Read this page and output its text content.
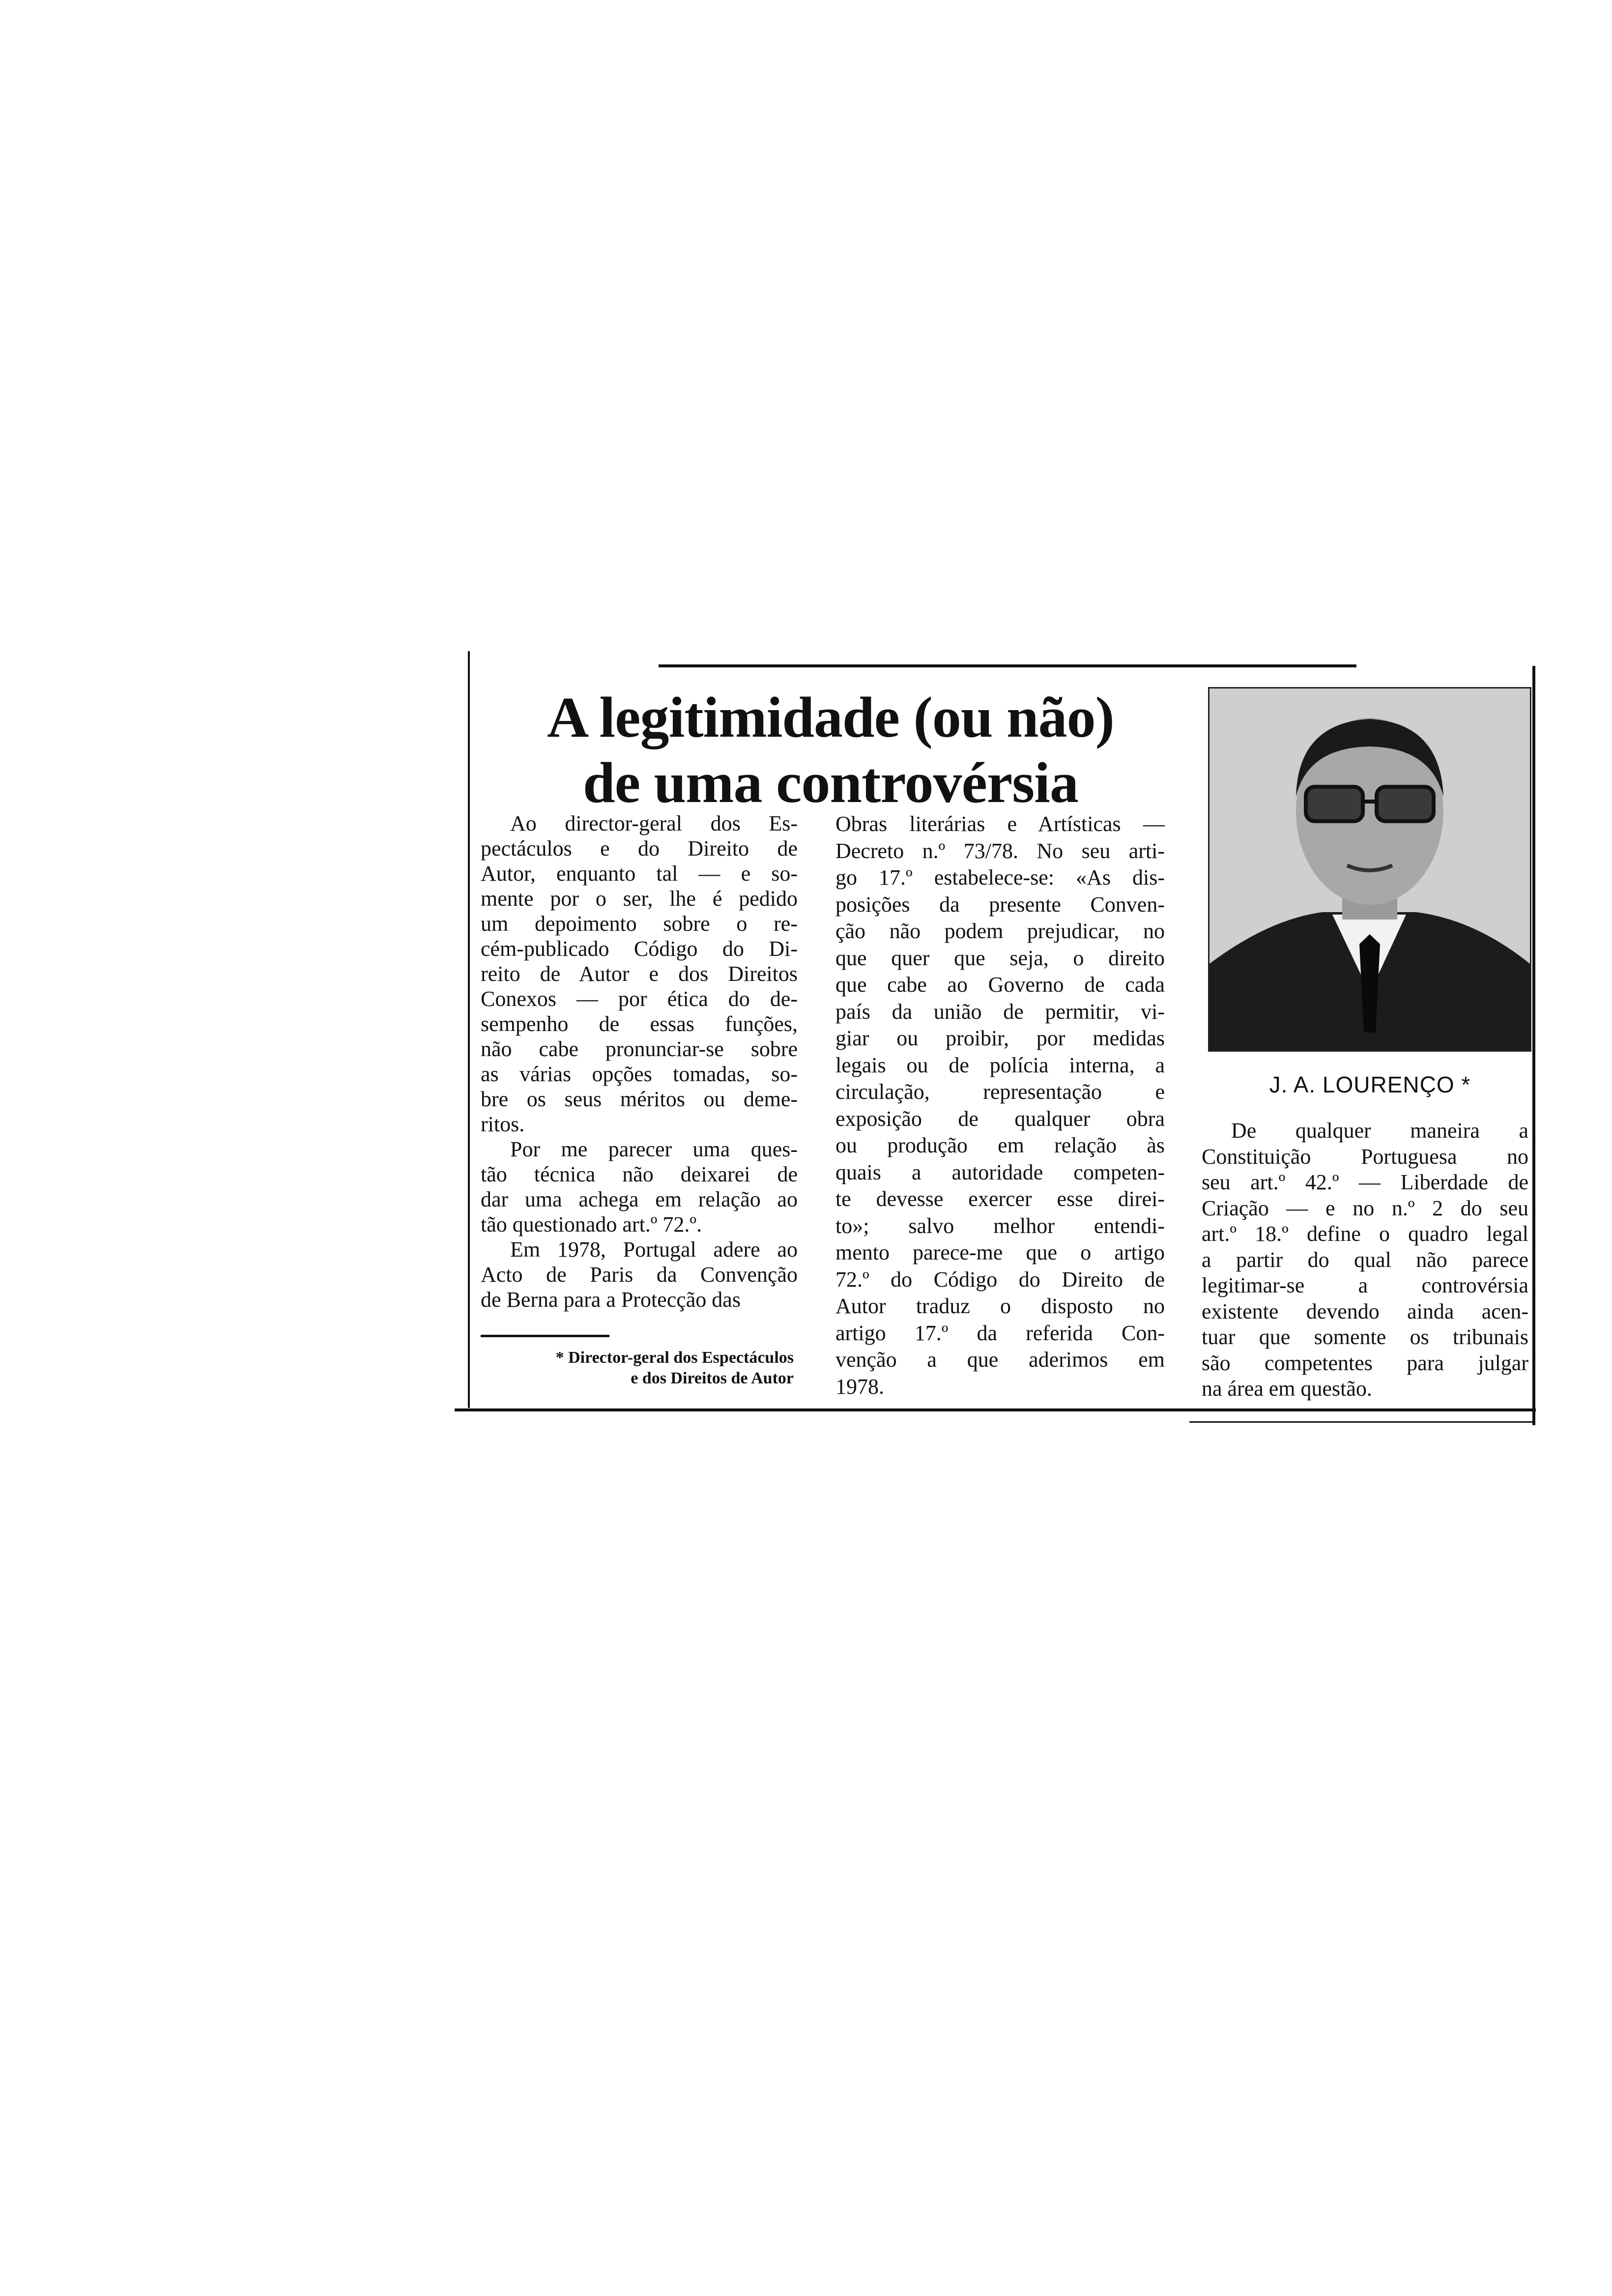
A legitimidade (ou não)
de uma controvérsia
Ao director-geral dos Es-
pectáculos e do Direito de
Autor, enquanto tal — e so-
mente por o ser, lhe é pedido
um depoimento sobre o re-
cém-publicado Código do Di-
reito de Autor e dos Direitos
Conexos — por ética do de-
sempenho de essas funções,
não cabe pronunciar-se sobre
as várias opções tomadas, so-
bre os seus méritos ou deme-
ritos.
Por me parecer uma ques-
tão técnica não deixarei de
dar uma achega em relação ao
tão questionado art.º 72.º.
Em 1978, Portugal adere ao
Acto de Paris da Convenção
de Berna para a Protecção das
* Director-geral dos Espectáculos
e dos Direitos de Autor
Obras literárias e Artísticas —
Decreto n.º 73/78. No seu arti-
go 17.º estabelece-se: «As dis-
posições da presente Conven-
ção não podem prejudicar, no
que quer que seja, o direito
que cabe ao Governo de cada
país da união de permitir, vi-
giar ou proibir, por medidas
legais ou de polícia interna, a
circulação, representação e
exposição de qualquer obra
ou produção em relação às
quais a autoridade competen-
te devesse exercer esse direi-
to»; salvo melhor entendi-
mento parece-me que o artigo
72.º do Código do Direito de
Autor traduz o disposto no
artigo 17.º da referida Con-
venção a que aderimos em
1978.
J. A. LOURENÇO *
De qualquer maneira a
Constituição Portuguesa no
seu art.º 42.º — Liberdade de
Criação — e no n.º 2 do seu
art.º 18.º define o quadro legal
a partir do qual não parece
legitimar-se a controvérsia
existente devendo ainda acen-
tuar que somente os tribunais
são competentes para julgar
na área em questão.
